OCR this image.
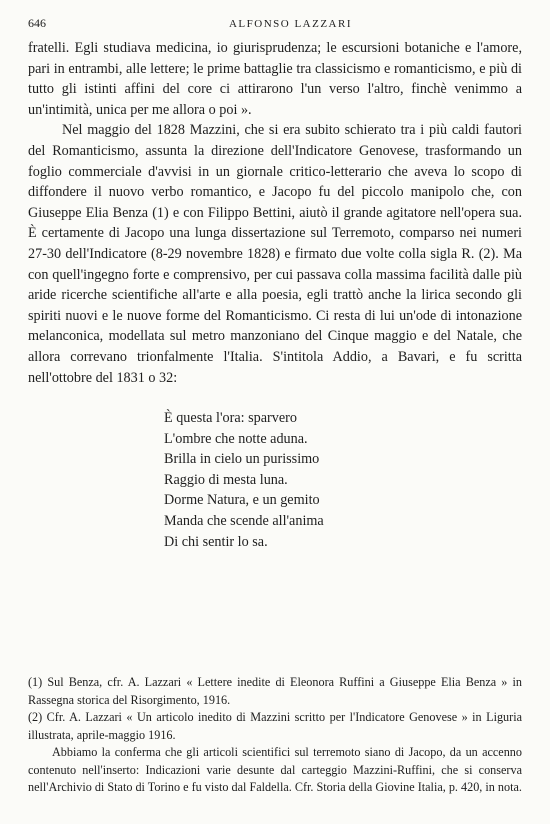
646	ALFONSO LAZZARI

fratelli. Egli studiava medicina, io giurisprudenza; le escursioni botaniche e l'amore, pari in entrambi, alle lettere; le prime battaglie tra classicismo e romanticismo, e più di tutto gli istinti affini del core ci attirarono l'un verso l'altro, finchè venimmo a un'intimità, unica per me allora o poi ».

Nel maggio del 1828 Mazzini, che si era subito schierato tra i più caldi fautori del Romanticismo, assunta la direzione dell'Indicatore Genovese, trasformando un foglio commerciale d'avvisi in un giornale critico-letterario che aveva lo scopo di diffondere il nuovo verbo romantico, e Jacopo fu del piccolo manipolo che, con Giuseppe Elia Benza (1) e con Filippo Bettini, aiutò il grande agitatore nell'opera sua. È certamente di Jacopo una lunga dissertazione sul Terremoto, comparso nei numeri 27-30 dell'Indicatore (8-29 novembre 1828) e firmato due volte colla sigla R. (2). Ma con quell'ingegno forte e comprensivo, per cui passava colla massima facilità dalle più aride ricerche scientifiche all'arte e alla poesia, egli trattò anche la lirica secondo gli spiriti nuovi e le nuove forme del Romanticismo. Ci resta di lui un'ode di intonazione melanconica, modellata sul metro manzoniano del Cinque maggio e del Natale, che allora correvano trionfalmente l'Italia. S'intitola Addio, a Bavari, e fu scritta nell'ottobre del 1831 o 32:

È questa l'ora: sparvero
L'ombre che notte aduna.
Brilla in cielo un purissimo
Raggio di mesta luna.
Dorme Natura, e un gemito
Manda che scende all'anima
Di chi sentir lo sa.

(1) Sul Benza, cfr. A. Lazzari « Lettere inedite di Eleonora Ruffini a Giuseppe Elia Benza » in Rassegna storica del Risorgimento, 1916.

(2) Cfr. A. Lazzari « Un articolo inedito di Mazzini scritto per l'Indicatore Genovese » in Liguria illustrata, aprile-maggio 1916.

Abbiamo la conferma che gli articoli scientifici sul terremoto siano di Jacopo, da un accenno contenuto nell'inserto: Indicazioni varie desunte dal carteggio Mazzini-Ruffini, che si conserva nell'Archivio di Stato di Torino e fu visto dal Faldella. Cfr. Storia della Giovine Italia, p. 420, in nota.
